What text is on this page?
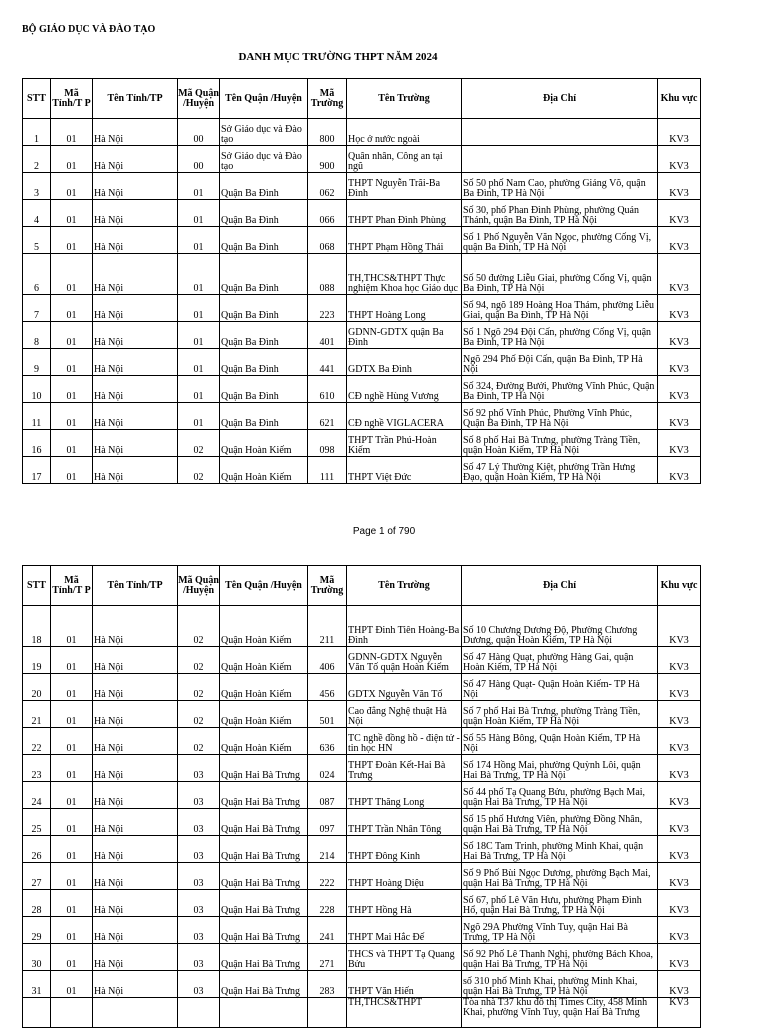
BỘ GIÁO DỤC VÀ ĐÀO TẠO
DANH MỤC TRƯỜNG THPT NĂM 2024
STT	Mã Tỉnh/T P	Tên Tỉnh/TP	Mã Quận /Huyện	Tên Quận /Huyện	Mã Trường	Tên Trường	Địa Chỉ	Khu vực
1	01	Hà Nội	00	Sở Giáo dục và Đào tạo	800	Học ở nước ngoài		KV3
2	01	Hà Nội	00	Sở Giáo dục và Đào tạo	900	Quân nhân, Công an tại ngũ		KV3
3	01	Hà Nội	01	Quận Ba Đình	062	THPT Nguyễn Trãi-Ba Đình	Số 50 phố Nam Cao, phường Giảng Võ, quận Ba Đình, TP Hà Nội	KV3
4	01	Hà Nội	01	Quận Ba Đình	066	THPT Phan Đình Phùng	Số 30, phố Phan Đình Phùng, phường Quán Thánh, quận Ba Đình, TP Hà Nội	KV3
5	01	Hà Nội	01	Quận Ba Đình	068	THPT Phạm Hồng Thái	Số 1 Phố Nguyễn Văn Ngọc, phường Cống Vị, quận Ba Đình, TP Hà Nội	KV3
6	01	Hà Nội	01	Quận Ba Đình	088	TH,THCS&THPT Thực nghiệm Khoa học Giáo dục	Số 50 đường Liễu Giai, phường Cống Vị, quận Ba Đình, TP Hà Nội	KV3
7	01	Hà Nội	01	Quận Ba Đình	223	THPT Hoàng Long	Số 94, ngõ 189 Hoàng Hoa Thám, phường Liễu Giai, quận Ba Đình, TP Hà Nội	KV3
8	01	Hà Nội	01	Quận Ba Đình	401	GDNN-GDTX quận Ba Đình	Số 1 Ngõ 294 Đội Cấn, phường Cống Vị, quận Ba Đình, TP Hà Nội	KV3
9	01	Hà Nội	01	Quận Ba Đình	441	GDTX Ba Đình	Ngõ 294 Phố Đội Cấn, quận Ba Đình, TP Hà Nội	KV3
10	01	Hà Nội	01	Quận Ba Đình	610	CĐ nghề Hùng Vương	Số 324, Đường Bưởi, Phường Vĩnh Phúc, Quận Ba Đình, TP Hà Nội	KV3
11	01	Hà Nội	01	Quận Ba Đình	621	CĐ nghề VIGLACERA	Số 92 phố Vĩnh Phúc, Phường Vĩnh Phúc, Quận Ba Đình, TP Hà Nội	KV3
16	01	Hà Nội	02	Quận Hoàn Kiếm	098	THPT Trần Phú-Hoàn Kiếm	Số 8 phố Hai Bà Trưng, phường Tràng Tiền, quận Hoàn Kiếm, TP Hà Nội	KV3
17	01	Hà Nội	02	Quận Hoàn Kiếm	111	THPT Việt Đức	Số 47 Lý Thường Kiệt, phường Trần Hưng Đạo, quận Hoàn Kiếm, TP Hà Nội	KV3
Page 1 of 790
STT	Mã Tỉnh/T P	Tên Tỉnh/TP	Mã Quận /Huyện	Tên Quận /Huyện	Mã Trường	Tên Trường	Địa Chỉ	Khu vực
18	01	Hà Nội	02	Quận Hoàn Kiếm	211	THPT Đinh Tiên Hoàng-Ba Đình	Số 10 Chương Dương Độ, Phường Chương Dương, quận Hoàn Kiếm, TP Hà Nội	KV3
19	01	Hà Nội	02	Quận Hoàn Kiếm	406	GDNN-GDTX Nguyễn Văn Tố quận Hoàn Kiếm	Số 47 Hàng Quạt, phường Hàng Gai, quận Hoàn Kiếm, TP Hà Nội	KV3
20	01	Hà Nội	02	Quận Hoàn Kiếm	456	GDTX Nguyễn Văn Tố	Số 47 Hàng Quạt- Quận Hoàn Kiếm- TP Hà Nội	KV3
21	01	Hà Nội	02	Quận Hoàn Kiếm	501	Cao đẳng Nghệ thuật Hà Nội	Số 7 phố Hai Bà Trưng, phường Tràng Tiền, quận Hoàn Kiếm, TP Hà Nội	KV3
22	01	Hà Nội	02	Quận Hoàn Kiếm	636	TC nghề đồng hồ - điện tử - tin học HN	Số 55 Hàng Bông, Quận Hoàn Kiếm, TP Hà Nội	KV3
23	01	Hà Nội	03	Quận Hai Bà Trưng	024	THPT Đoàn Kết-Hai Bà Trưng	Số 174 Hồng Mai, phường Quỳnh Lôi, quận Hai Bà Trưng, TP Hà Nội	KV3
24	01	Hà Nội	03	Quận Hai Bà Trưng	087	THPT Thăng Long	Số 44 phố Tạ Quang Bửu, phường Bạch Mai, quận Hai Bà Trưng, TP Hà Nội	KV3
25	01	Hà Nội	03	Quận Hai Bà Trưng	097	THPT Trần Nhân Tông	Số 15 phố Hương Viên, phường Đồng Nhân, quận Hai Bà Trưng, TP Hà Nội	KV3
26	01	Hà Nội	03	Quận Hai Bà Trưng	214	THPT Đông Kinh	Số 18C Tam Trinh, phường Minh Khai, quận Hai Bà Trưng, TP Hà Nội	KV3
27	01	Hà Nội	03	Quận Hai Bà Trưng	222	THPT Hoàng Diệu	Số 9 Phố Bùi Ngọc Dương, phường Bạch Mai, quận Hai Bà Trưng, TP Hà Nội	KV3
28	01	Hà Nội	03	Quận Hai Bà Trưng	228	THPT Hồng Hà	Số 67, phố Lê Văn Hưu, phường Phạm Đình Hổ, quận Hai Bà Trưng, TP Hà Nội	KV3
29	01	Hà Nội	03	Quận Hai Bà Trưng	241	THPT Mai Hắc Đế	Ngõ 29A Phường Vĩnh Tuy, quận Hai Bà Trưng, TP Hà Nội	KV3
30	01	Hà Nội	03	Quận Hai Bà Trưng	271	THCS và THPT Tạ Quang Bửu	Số 92 Phố Lê Thanh Nghị, phường Bách Khoa, quận Hai Bà Trưng, TP Hà Nội	KV3
31	01	Hà Nội	03	Quận Hai Bà Trưng	283	THPT Văn Hiến	số 310 phố Minh Khai, phường Minh Khai, quận Hai Bà Trưng, TP Hà Nội	KV3
						TH,THCS&THPT	Tòa nhà T37 khu đô thị Times City, 458 Minh Khai, phường Vĩnh Tuy, quận Hai Bà Trưng	KV3
